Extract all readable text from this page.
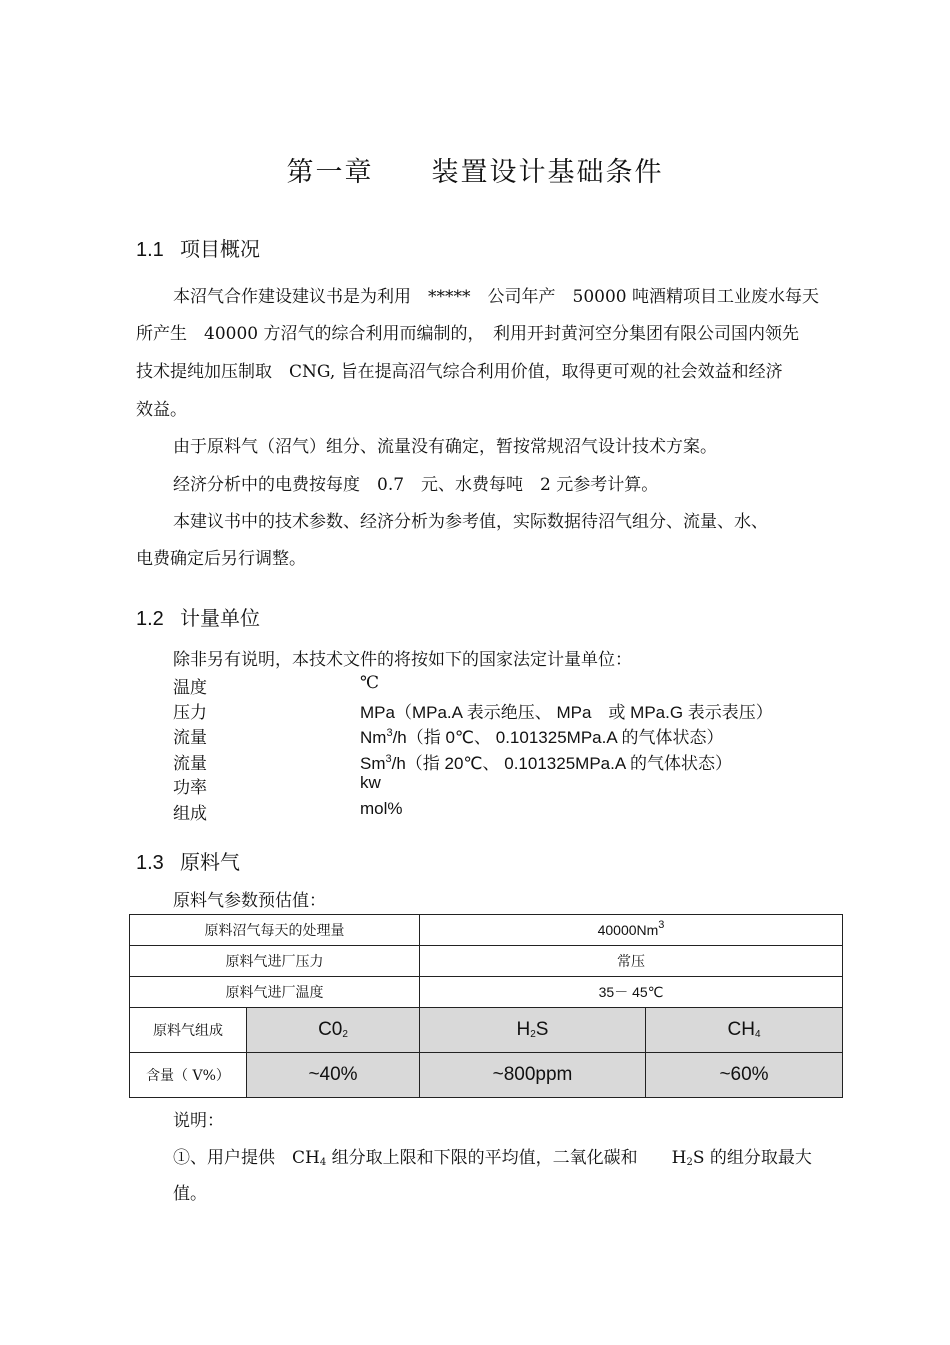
第一章　　装置设计基础条件
1.1 项目概况
本沼气合作建设建议书是为利用　*****　公司年产　50000 吨酒精项目工业废水每天
所产生　40000 方沼气的综合利用而编制的，　利用开封黄河空分集团有限公司国内领先
技术提纯加压制取　CNG, 旨在提高沼气综合利用价值，取得更可观的社会效益和经济
效益。
由于原料气（沼气）组分、流量没有确定，暂按常规沼气设计技术方案。
经济分析中的电费按每度　0.7　元、水费每吨　2 元参考计算。
本建议书中的技术参数、经济分析为参考值，实际数据待沼气组分、流量、水、
电费确定后另行调整。
1.2 计量单位
除非另有说明，本技术文件的将按如下的国家法定计量单位：
温度	℃
压力	MPa（MPa.A 表示绝压、 MPa　或 MPa.G 表示表压）
流量	Nm$^3$/h（指 0℃、 0.101325MPa.A 的气体状态）
流量	Sm$^3$/h（指 20℃、 0.101325MPa.A 的气体状态）
功率	kw
组成	mol%
1.3 原料气
原料气参数预估值：
原料沼气每天的处理量		40000Nm$^3$
原料气进厂压力		常压	
原料气进厂温度		35－ 45℃	
原料气组成	$C0_2$	$H_2S$	$CH_4$
含量（ V%）	~40%	~800ppm	~60%
说明：
①、用户提供　$CH_4$ 组分取上限和下限的平均值，二氧化碳和　　$H_2S$ 的组分取最大
值。
